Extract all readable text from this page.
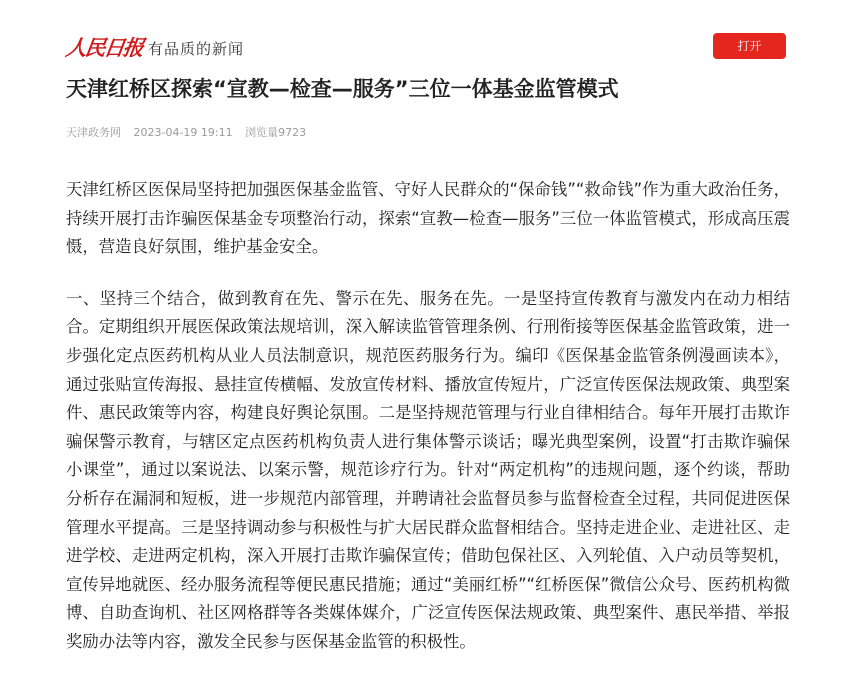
人民日报 有品质的新闻	打开
天津红桥区探索“宣教—检查—服务”三位一体基金监管模式
天津政务网 2023-04-19 19:11 浏览量9723

天津红桥区医保局坚持把加强医保基金监管、守好人民群众的“保命钱”“救命钱”作为重大政治任务，持续开展打击诈骗医保基金专项整治行动，探索“宣教—检查—服务”三位一体监管模式，形成高压震慑，营造良好氛围，维护基金安全。

一、坚持三个结合，做到教育在先、警示在先、服务在先。一是坚持宣传教育与激发内在动力相结合。定期组织开展医保政策法规培训，深入解读监管管理条例、行刑衔接等医保基金监管政策，进一步强化定点医药机构从业人员法制意识，规范医药服务行为。编印《医保基金监管条例漫画读本》，通过张贴宣传海报、悬挂宣传横幅、发放宣传材料、播放宣传短片，广泛宣传医保法规政策、典型案件、惠民政策等内容，构建良好舆论氛围。二是坚持规范管理与行业自律相结合。每年开展打击欺诈骗保警示教育，与辖区定点医药机构负责人进行集体警示谈话；曝光典型案例，设置“打击欺诈骗保小课堂”，通过以案说法、以案示警，规范诊疗行为。针对“两定机构”的违规问题，逐个约谈，帮助分析存在漏洞和短板，进一步规范内部管理，并聘请社会监督员参与监督检查全过程，共同促进医保管理水平提高。三是坚持调动参与积极性与扩大居民群众监督相结合。坚持走进企业、走进社区、走进学校、走进两定机构，深入开展打击欺诈骗保宣传；借助包保社区、入列轮值、入户动员等契机，宣传异地就医、经办服务流程等便民惠民措施；通过“美丽红桥”“红桥医保”微信公众号、医药机构微博、自助查询机、社区网格群等各类媒体媒介，广泛宣传医保法规政策、典型案件、惠民举措、举报奖励办法等内容，激发全民参与医保基金监管的积极性。
